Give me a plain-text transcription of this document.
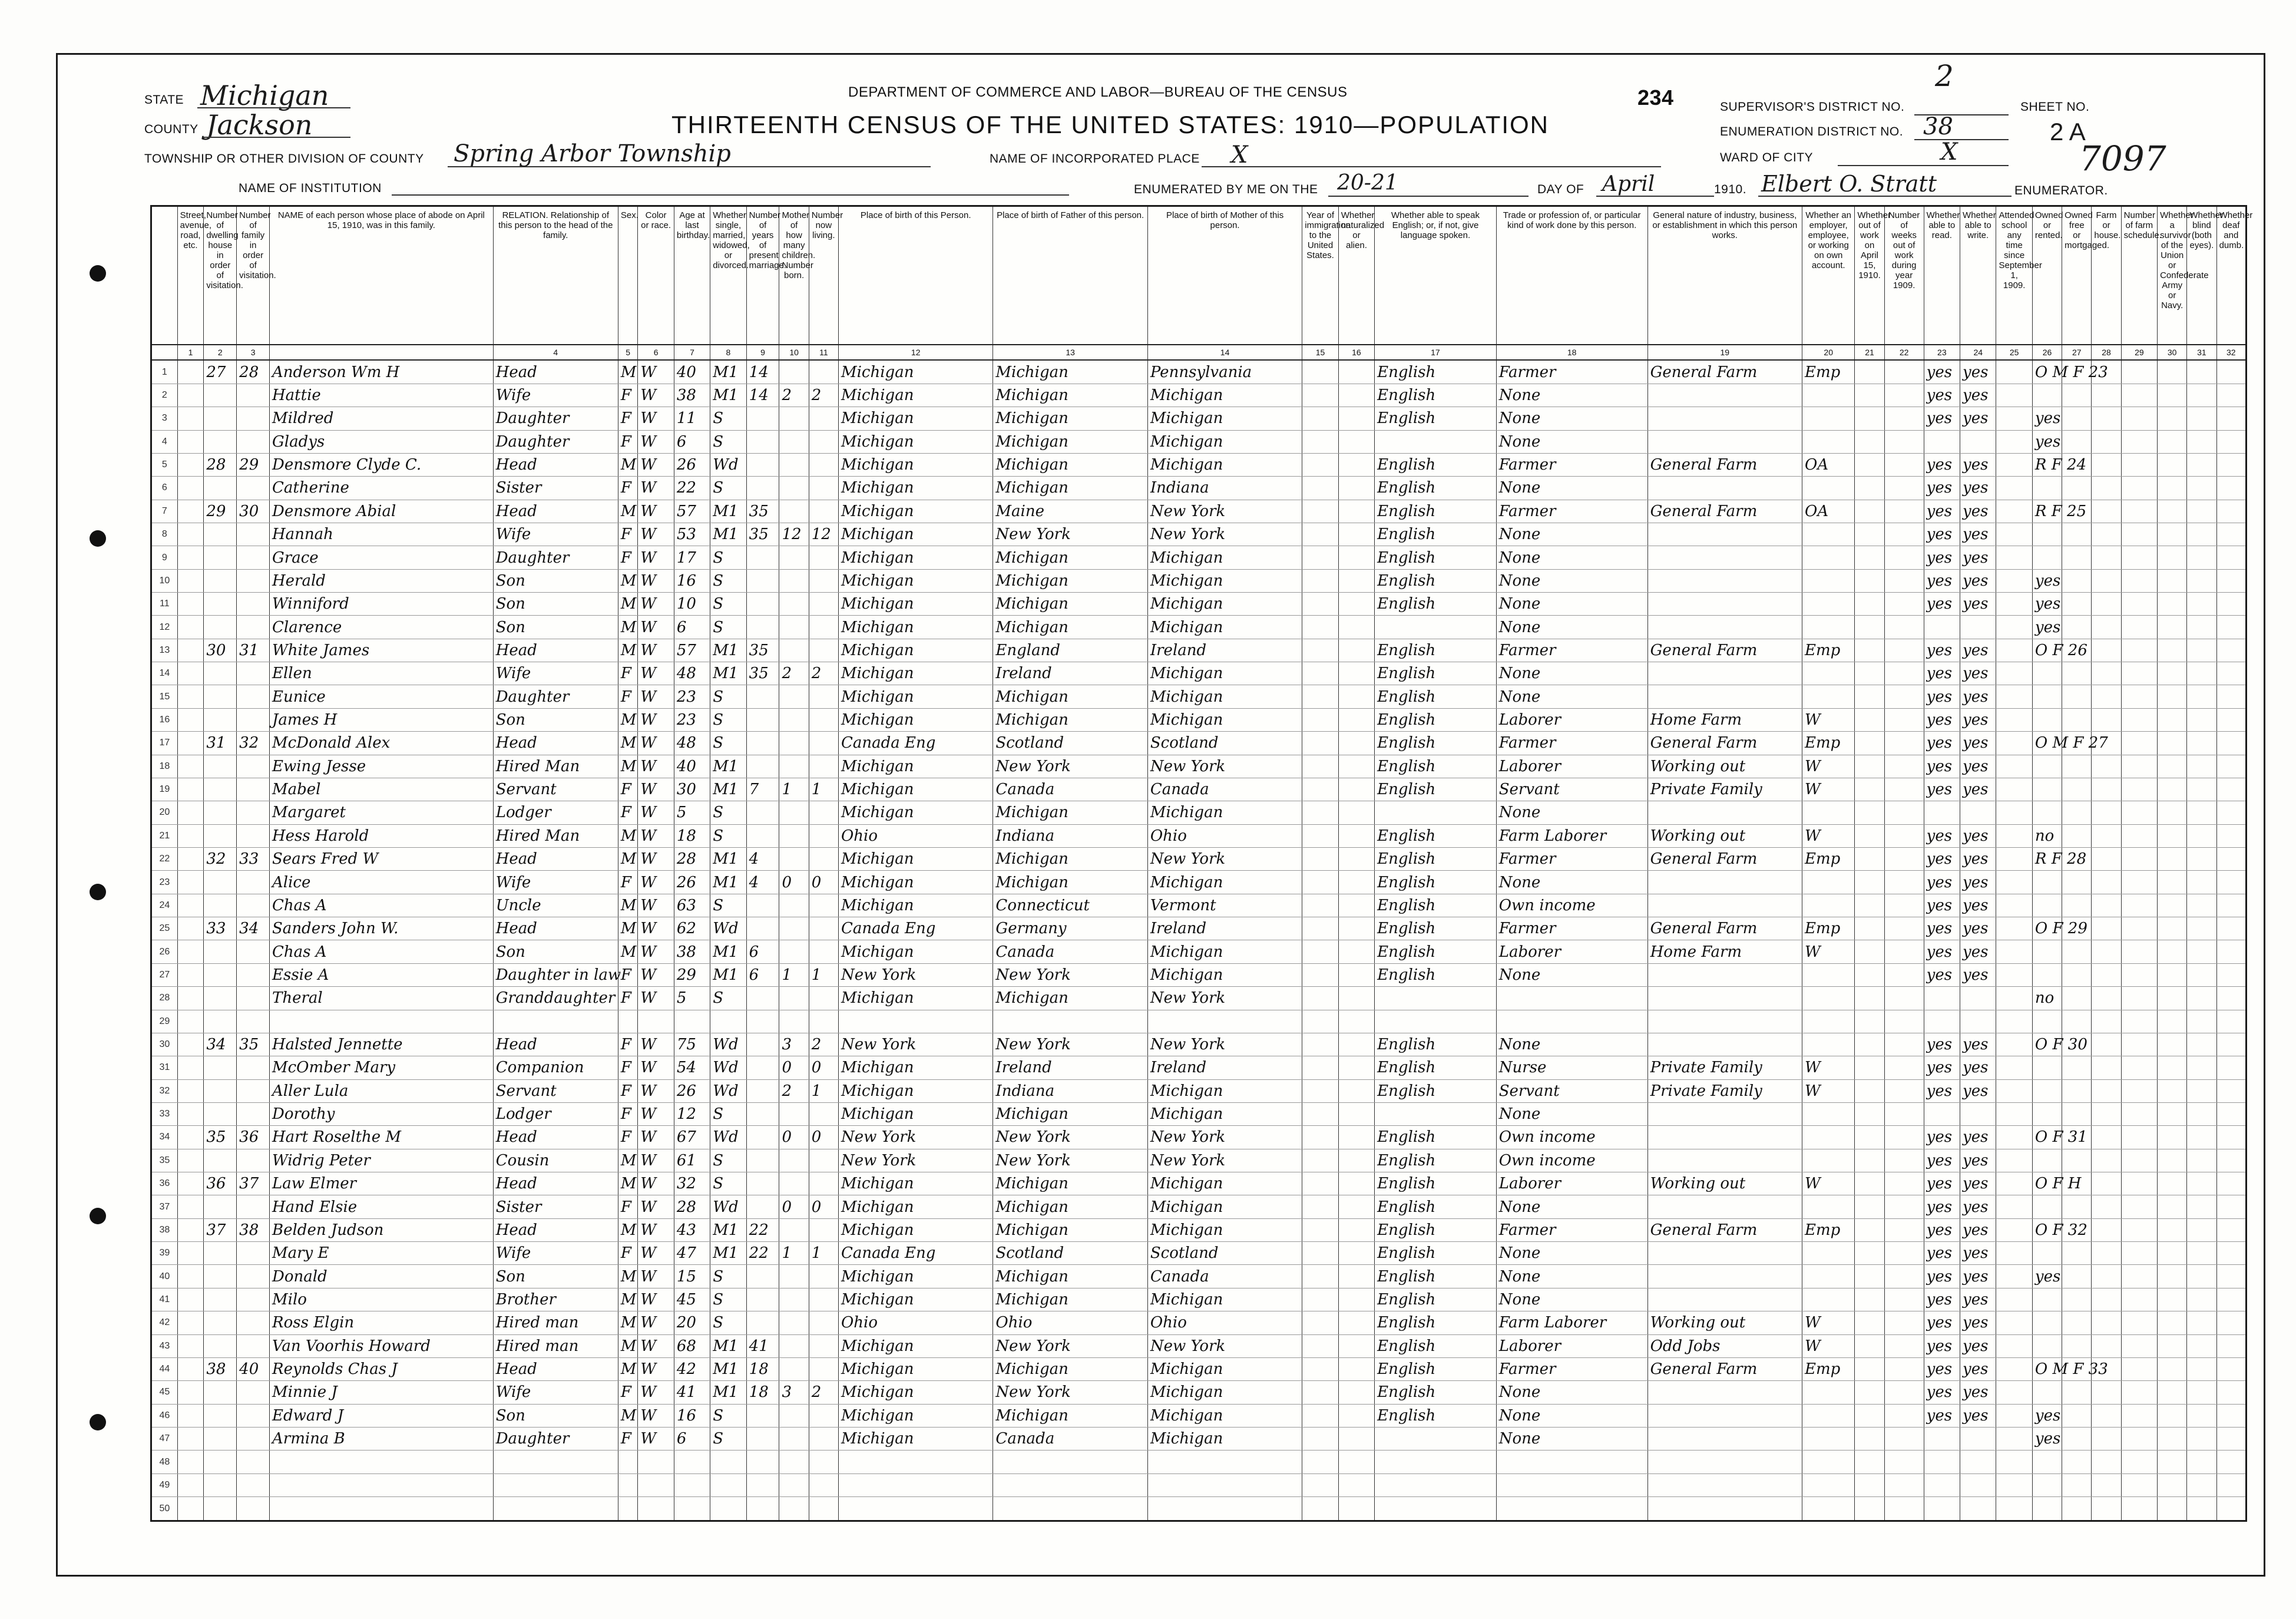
DEPARTMENT OF COMMERCE AND LABOR—BUREAU OF THE CENSUS
THIRTEENTH CENSUS OF THE UNITED STATES: 1910—POPULATION
234
STATE Michigan
COUNTY Jackson
TOWNSHIP OR OTHER DIVISION OF COUNTY Spring Arbor Township	NAME OF INCORPORATED PLACE X
NAME OF INSTITUTION	ENUMERATED BY ME ON THE 20-21	DAY OF April	1910. Elbert O. Stratt	ENUMERATOR.
SUPERVISOR'S DISTRICT NO.
2
ENUMERATION DISTRICT NO. 38
WARD OF CITY	X
SHEET NO.
2 A
7097
	Street, avenue, road, etc.	Number of dwelling house in order of visitation.	Number of family in order of visitation.	NAME of each person whose place of abode on April 15, 1910, was in this family.	RELATION. Relationship of this person to the head of the family.	Sex.	Color or race.	Age at last birthday.	Whether single, married, widowed, or divorced.	Number of years of present marriage.	Mother of how many children. Number born.	Number now living.	Place of birth of this Person.	Place of birth of Father of this person.	Place of birth of Mother of this person.	Year of immigration to the United States.	Whether naturalized or alien.	Whether able to speak English; or, if not, give language spoken.	Trade or profession of, or particular kind of work done by this person.	General nature of industry, business, or establishment in which this person works.	Whether an employer, employee, or working on own account.	Whether out of work on April 15, 1910.	Number of weeks out of work during year 1909.	Whether able to read.	Whether able to write.	Attended school any time since September 1, 1909.	Owned or rented.	Owned free or mortgaged.	Farm or house.	Number of farm schedule.	Whether a survivor of the Union or Confederate Army or Navy.	Whether blind (both eyes).	Whether deaf and dumb.
	1	2	3		4	5	6	7	8	9	10	11	12	13	14	15	16	17	18	19	20	21	22	23	24	25	26	27	28	29	30	31	32
1		27	28	Anderson Wm H	Head	M	W	40	M1	14			Michigan	Michigan	Pennsylvania			English	Farmer	General Farm	Emp			yes	yes		O M F 23						
2				Hattie	Wife	F	W	38	M1	14	2	2	Michigan	Michigan	Michigan			English	None					yes	yes								
3				Mildred	Daughter	F	W	11	S				Michigan	Michigan	Michigan			English	None					yes	yes		yes						
4				Gladys	Daughter	F	W	6	S				Michigan	Michigan	Michigan				None								yes						
5		28	29	Densmore Clyde C.	Head	M	W	26	Wd				Michigan	Michigan	Michigan			English	Farmer	General Farm	OA			yes	yes		R F 24						
6				Catherine	Sister	F	W	22	S				Michigan	Michigan	Indiana			English	None					yes	yes								
7		29	30	Densmore Abial	Head	M	W	57	M1	35			Michigan	Maine	New York			English	Farmer	General Farm	OA			yes	yes		R F 25						
8				Hannah	Wife	F	W	53	M1	35	12	12	Michigan	New York	New York			English	None					yes	yes								
9				Grace	Daughter	F	W	17	S				Michigan	Michigan	Michigan			English	None					yes	yes								
10				Herald	Son	M	W	16	S				Michigan	Michigan	Michigan			English	None					yes	yes		yes						
11				Winniford	Son	M	W	10	S				Michigan	Michigan	Michigan			English	None					yes	yes		yes						
12				Clarence	Son	M	W	6	S				Michigan	Michigan	Michigan				None								yes						
13		30	31	White James	Head	M	W	57	M1	35			Michigan	England	Ireland			English	Farmer	General Farm	Emp			yes	yes		O F 26						
14				Ellen	Wife	F	W	48	M1	35	2	2	Michigan	Ireland	Michigan			English	None					yes	yes								
15				Eunice	Daughter	F	W	23	S				Michigan	Michigan	Michigan			English	None					yes	yes								
16				James H	Son	M	W	23	S				Michigan	Michigan	Michigan			English	Laborer	Home Farm	W			yes	yes								
17		31	32	McDonald Alex	Head	M	W	48	S				Canada Eng	Scotland	Scotland			English	Farmer	General Farm	Emp			yes	yes		O M F 27						
18				Ewing Jesse	Hired Man	M	W	40	M1				Michigan	New York	New York			English	Laborer	Working out	W			yes	yes								
19				Mabel	Servant	F	W	30	M1	7	1	1	Michigan	Canada	Canada			English	Servant	Private Family	W			yes	yes								
20				Margaret	Lodger	F	W	5	S				Michigan	Michigan	Michigan				None														
21				Hess Harold	Hired Man	M	W	18	S				Ohio	Indiana	Ohio			English	Farm Laborer	Working out	W			yes	yes		no						
22		32	33	Sears Fred W	Head	M	W	28	M1	4			Michigan	Michigan	New York			English	Farmer	General Farm	Emp			yes	yes		R F 28						
23				Alice	Wife	F	W	26	M1	4	0	0	Michigan	Michigan	Michigan			English	None					yes	yes								
24				Chas A	Uncle	M	W	63	S				Michigan	Connecticut	Vermont			English	Own income					yes	yes								
25		33	34	Sanders John W.	Head	M	W	62	Wd				Canada Eng	Germany	Ireland			English	Farmer	General Farm	Emp			yes	yes		O F 29						
26				Chas A	Son	M	W	38	M1	6			Michigan	Canada	Michigan			English	Laborer	Home Farm	W			yes	yes								
27				Essie A	Daughter in law	F	W	29	M1	6	1	1	New York	New York	Michigan			English	None					yes	yes								
28				Theral	Granddaughter	F	W	5	S				Michigan	Michigan	New York												no						
29																																	
30		34	35	Halsted Jennette	Head	F	W	75	Wd		3	2	New York	New York	New York			English	None					yes	yes		O F 30						
31				McOmber Mary	Companion	F	W	54	Wd		0	0	Michigan	Ireland	Ireland			English	Nurse	Private Family	W			yes	yes								
32				Aller Lula	Servant	F	W	26	Wd		2	1	Michigan	Indiana	Michigan			English	Servant	Private Family	W			yes	yes								
33				Dorothy	Lodger	F	W	12	S				Michigan	Michigan	Michigan				None														
34		35	36	Hart Roselthe M	Head	F	W	67	Wd		0	0	New York	New York	New York			English	Own income					yes	yes		O F 31						
35				Widrig Peter	Cousin	M	W	61	S				New York	New York	New York			English	Own income					yes	yes								
36		36	37	Law Elmer	Head	M	W	32	S				Michigan	Michigan	Michigan			English	Laborer	Working out	W			yes	yes		O F H						
37				Hand Elsie	Sister	F	W	28	Wd		0	0	Michigan	Michigan	Michigan			English	None					yes	yes								
38		37	38	Belden Judson	Head	M	W	43	M1	22			Michigan	Michigan	Michigan			English	Farmer	General Farm	Emp			yes	yes		O F 32						
39				Mary E	Wife	F	W	47	M1	22	1	1	Canada Eng	Scotland	Scotland			English	None					yes	yes								
40				Donald	Son	M	W	15	S				Michigan	Michigan	Canada			English	None					yes	yes		yes						
41				Milo	Brother	M	W	45	S				Michigan	Michigan	Michigan			English	None					yes	yes								
42				Ross Elgin	Hired man	M	W	20	S				Ohio	Ohio	Ohio			English	Farm Laborer	Working out	W			yes	yes								
43				Van Voorhis Howard	Hired man	M	W	68	M1	41			Michigan	New York	New York			English	Laborer	Odd Jobs	W			yes	yes								
44		38	40	Reynolds Chas J	Head	M	W	42	M1	18			Michigan	Michigan	Michigan			English	Farmer	General Farm	Emp			yes	yes		O M F 33						
45				Minnie J	Wife	F	W	41	M1	18	3	2	Michigan	New York	Michigan			English	None					yes	yes								
46				Edward J	Son	M	W	16	S				Michigan	Michigan	Michigan			English	None					yes	yes		yes						
47				Armina B	Daughter	F	W	6	S				Michigan	Canada	Michigan				None								yes						
48																																	
49																																	
50																																	
